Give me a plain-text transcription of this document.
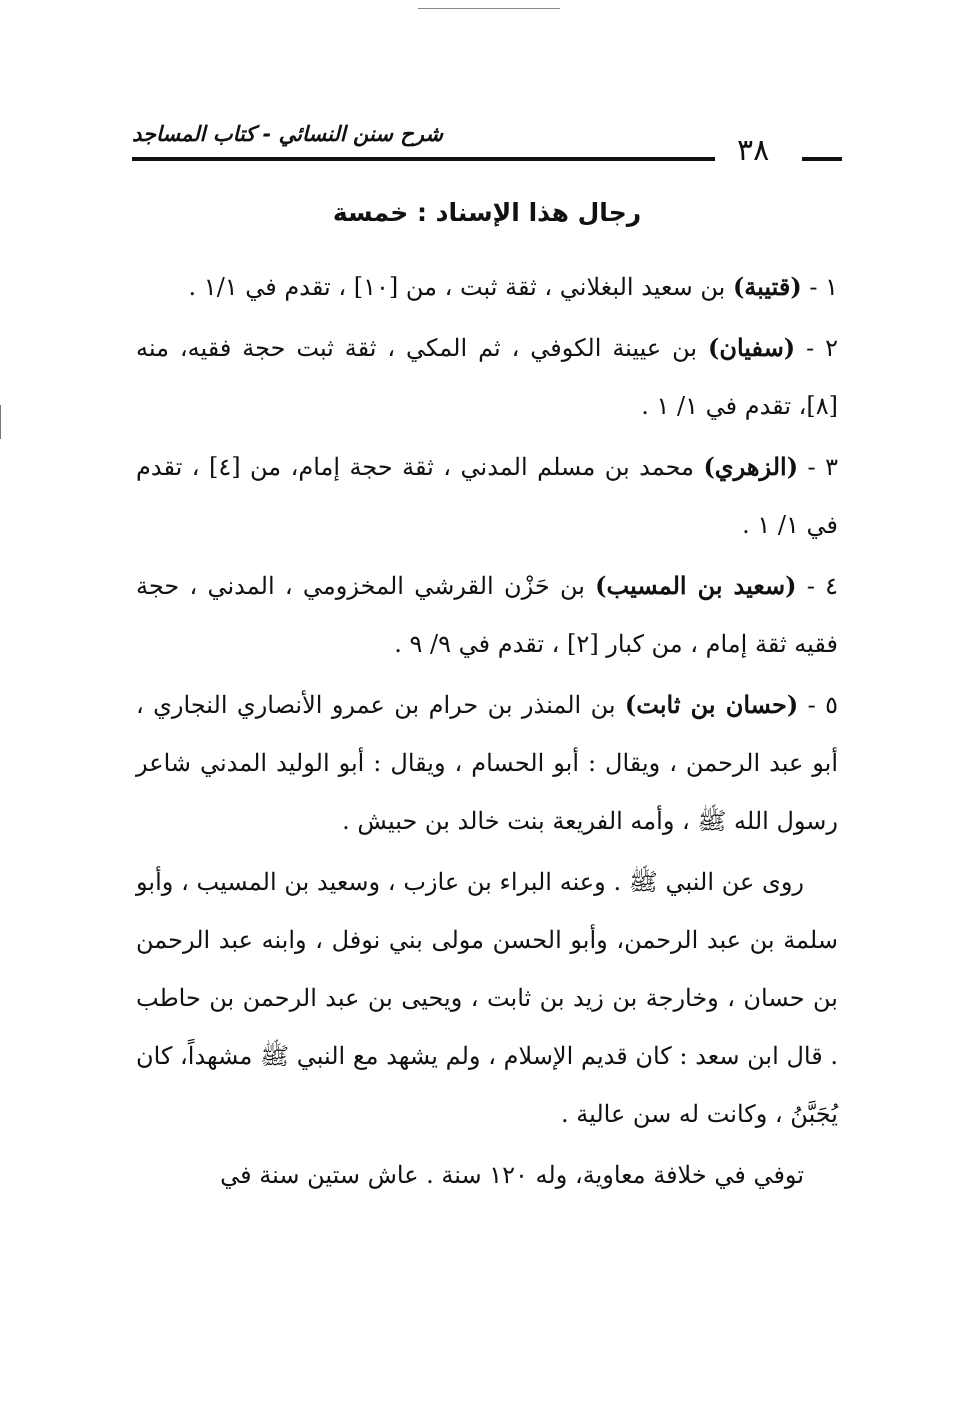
شرح سنن النسائي - كتاب المساجد	٣٨
رجال هذا الإسناد : خمسة

١ - (قتيبة) بن سعيد البغلاني ، ثقة ثبت ، من [١٠] ، تقدم في ١/١ .

٢ - (سفيان) بن عيينة الكوفي ، ثم المكي ، ثقة ثبت حجة فقيه، منه [٨]، تقدم في ١/ ١ .

٣ - (الزهري) محمد بن مسلم المدني ، ثقة حجة إمام، من [٤] ، تقدم في ١/ ١ .

٤ - (سعيد بن المسيب) بن حَزْن القرشي المخزومي ، المدني ، حجة فقيه ثقة إمام ، من كبار [٢] ، تقدم في ٩/ ٩ .

٥ - (حسان بن ثابت) بن المنذر بن حرام بن عمرو الأنصاري النجاري ، أبو عبد الرحمن ، ويقال : أبو الحسام ، ويقال : أبو الوليد المدني شاعر رسول الله ﷺ ، وأمه الفريعة بنت خالد بن حبيش .

روى عن النبي ﷺ . وعنه البراء بن عازب ، وسعيد بن المسيب ، وأبو سلمة بن عبد الرحمن، وأبو الحسن مولى بني نوفل ، وابنه عبد الرحمن بن حسان ، وخارجة بن زيد بن ثابت ، ويحيى بن عبد الرحمن بن حاطب . قال ابن سعد : كان قديم الإسلام ، ولم يشهد مع النبي ﷺ مشهداً، كان يُجَبَّنُ ، وكانت له سن عالية .

توفي في خلافة معاوية، وله ١٢٠ سنة . عاش ستين سنة في
